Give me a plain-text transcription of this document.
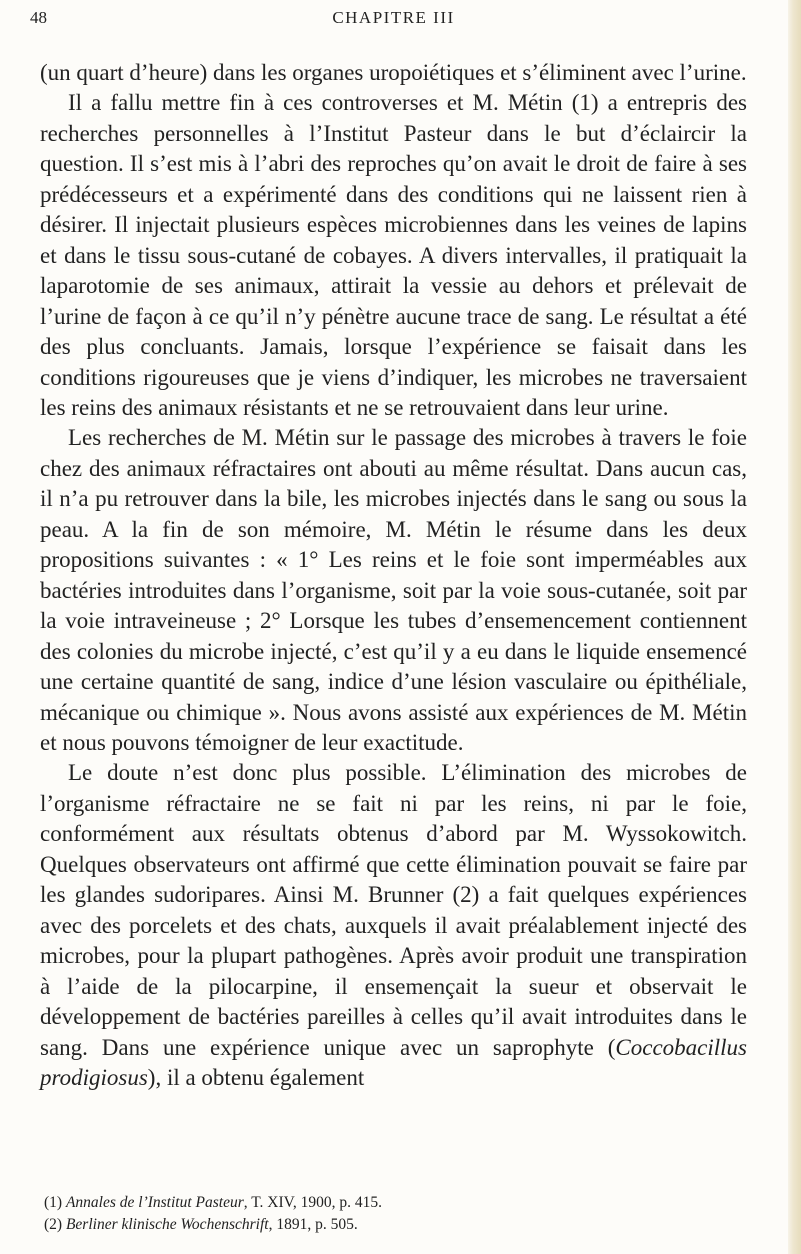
48	CHAPITRE III

(un quart d’heure) dans les organes uropoiétiques et s’éliminent avec l’urine.

Il a fallu mettre fin à ces controverses et M. Métin (1) a entrepris des recherches personnelles à l’Institut Pasteur dans le but d’éclaircir la question. Il s’est mis à l’abri des reproches qu’on avait le droit de faire à ses prédécesseurs et a expérimenté dans des conditions qui ne laissent rien à désirer. Il injectait plusieurs espèces microbiennes dans les veines de lapins et dans le tissu sous-cutané de cobayes. A divers intervalles, il pratiquait la laparotomie de ses animaux, attirait la vessie au dehors et prélevait de l’urine de façon à ce qu’il n’y pénètre aucune trace de sang. Le résultat a été des plus concluants. Jamais, lorsque l’expérience se faisait dans les conditions rigoureuses que je viens d’indiquer, les microbes ne traversaient les reins des animaux résistants et ne se retrouvaient dans leur urine.

Les recherches de M. Métin sur le passage des microbes à travers le foie chez des animaux réfractaires ont abouti au même résultat. Dans aucun cas, il n’a pu retrouver dans la bile, les microbes injectés dans le sang ou sous la peau. A la fin de son mémoire, M. Métin le résume dans les deux propositions suivantes : « 1° Les reins et le foie sont imperméables aux bactéries introduites dans l’organisme, soit par la voie sous-cutanée, soit par la voie intraveineuse ; 2° Lorsque les tubes d’ensemencement contiennent des colonies du microbe injecté, c’est qu’il y a eu dans le liquide ensemencé une certaine quantité de sang, indice d’une lésion vasculaire ou épithéliale, mécanique ou chimique ». Nous avons assisté aux expériences de M. Métin et nous pouvons témoigner de leur exactitude.

Le doute n’est donc plus possible. L’élimination des microbes de l’organisme réfractaire ne se fait ni par les reins, ni par le foie, conformément aux résultats obtenus d’abord par M. Wyssokowitch. Quelques observateurs ont affirmé que cette élimination pouvait se faire par les glandes sudoripares. Ainsi M. Brunner (2) a fait quelques expériences avec des porcelets et des chats, auxquels il avait préalablement injecté des microbes, pour la plupart pathogènes. Après avoir produit une transpiration à l’aide de la pilocarpine, il ensemençait la sueur et observait le développement de bactéries pareilles à celles qu’il avait introduites dans le sang. Dans une expérience unique avec un saprophyte (Coccobacillus prodigiosus), il a obtenu également

(1) Annales de l’Institut Pasteur, T. XIV, 1900, p. 415.

(2) Berliner klinische Wochenschrift, 1891, p. 505.
